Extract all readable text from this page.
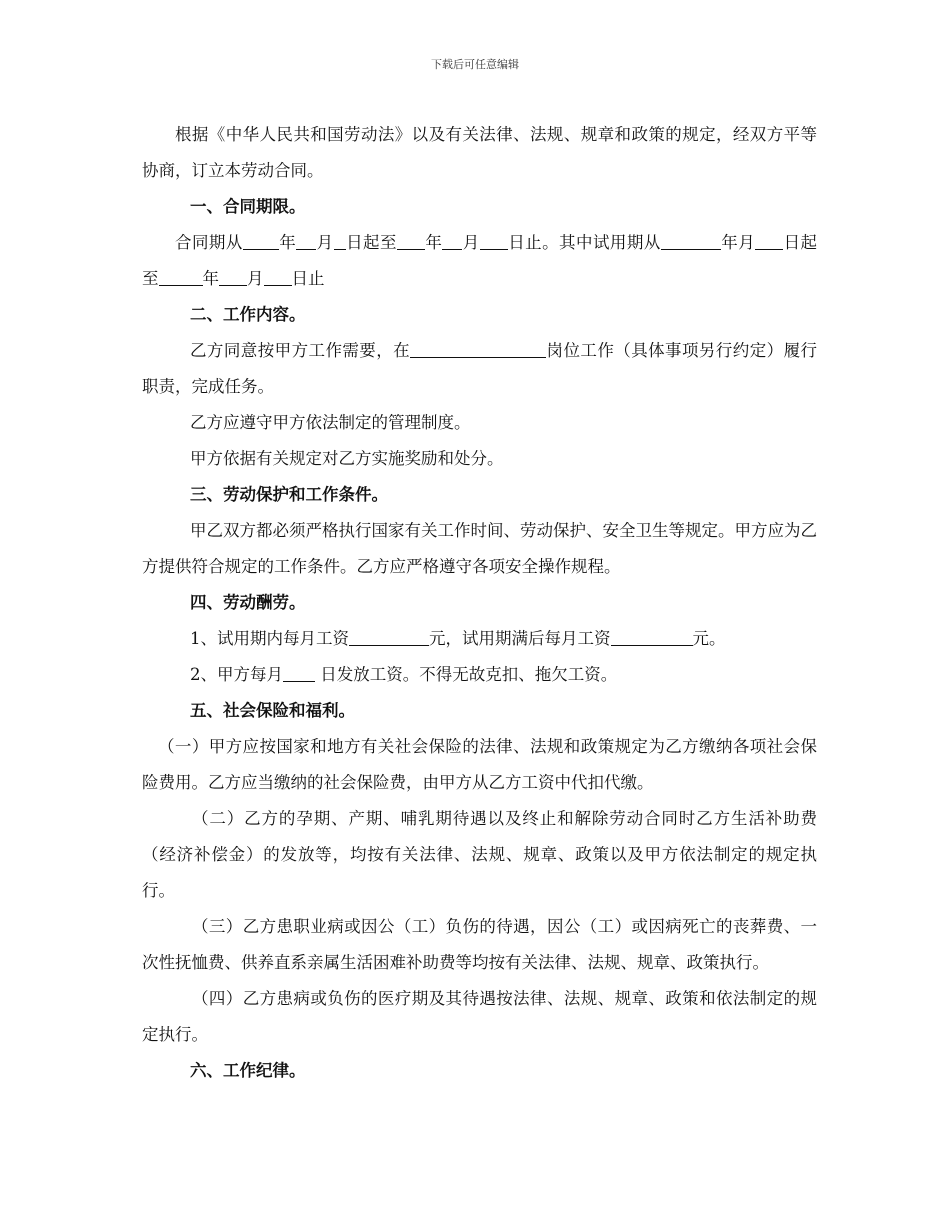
下载后可任意编辑

根据《中华人民共和国劳动法》以及有关法律、法规、规章和政策的规定，经双方平等协商，订立本劳动合同。

一、合同期限。

合同期从 年 月 日起至 年 月 日止。其中试用期从	年月 日起至	年 月 日止

二、工作内容。

乙方同意按甲方工作需要，在	岗位工作（具体事项另行约定）履行职责，完成任务。

乙方应遵守甲方依法制定的管理制度。

甲方依据有关规定对乙方实施奖励和处分。

三、劳动保护和工作条件。

甲乙双方都必须严格执行国家有关工作时间、劳动保护、安全卫生等规定。甲方应为乙方提供符合规定的工作条件。乙方应严格遵守各项安全操作规程。

四、劳动酬劳。

1、试用期内每月工资	元，试用期满后每月工资	元。

2、甲方每月 日发放工资。不得无故克扣、拖欠工资。

五、社会保险和福利。

（一）甲方应按国家和地方有关社会保险的法律、法规和政策规定为乙方缴纳各项社会保险费用。乙方应当缴纳的社会保险费，由甲方从乙方工资中代扣代缴。

（二）乙方的孕期、产期、哺乳期待遇以及终止和解除劳动合同时乙方生活补助费（经济补偿金）的发放等，均按有关法律、法规、规章、政策以及甲方依法制定的规定执行。

（三）乙方患职业病或因公（工）负伤的待遇，因公（工）或因病死亡的丧葬费、一次性抚恤费、供养直系亲属生活困难补助费等均按有关法律、法规、规章、政策执行。

（四）乙方患病或负伤的医疗期及其待遇按法律、法规、规章、政策和依法制定的规定执行。

六、工作纪律。
